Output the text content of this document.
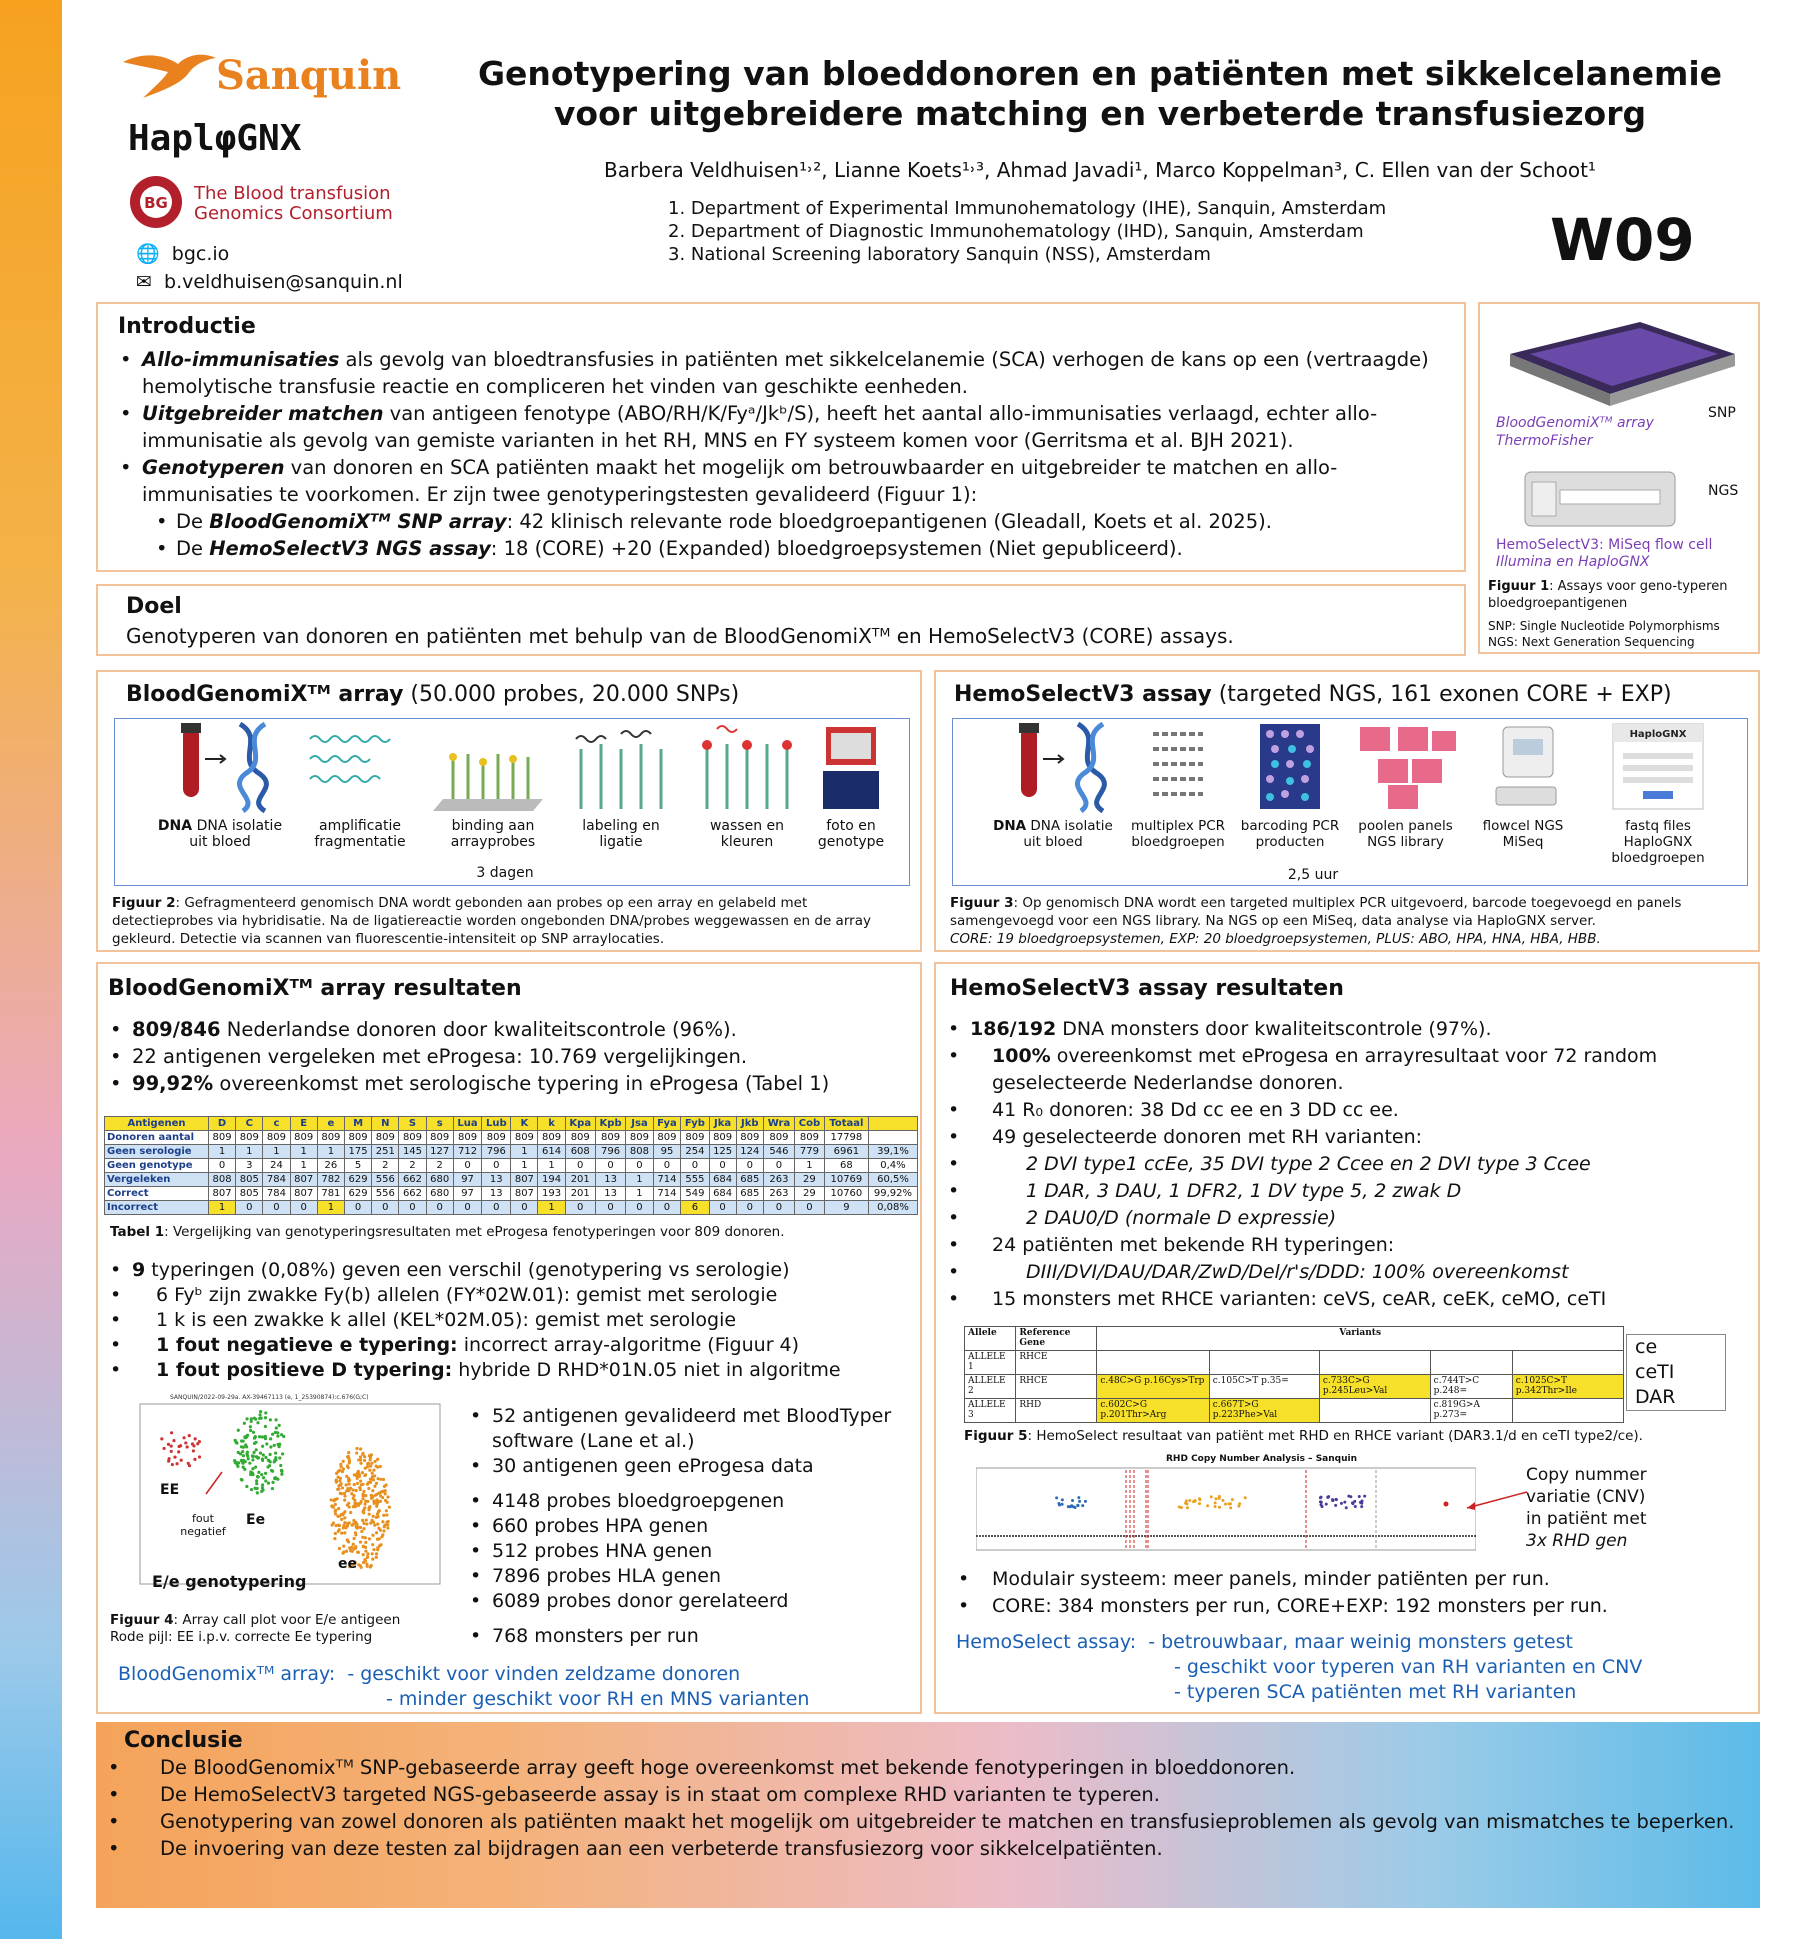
Sanquin
HaplφGNX
BG The Blood transfusion
Genomics Consortium
🌐 bgc.io
✉ b.veldhuisen@sanquin.nl
Genotypering van bloeddonoren en patiënten met sikkelcelanemie
voor uitgebreidere matching en verbeterde transfusiezorg
Barbera Veldhuisen¹˒², Lianne Koets¹˒³, Ahmad Javadi¹, Marco Koppelman³, C. Ellen van der Schoot¹
1. Department of Experimental Immunohematology (IHE), Sanquin, Amsterdam
2. Department of Diagnostic Immunohematology (IHD), Sanquin, Amsterdam
3. National Screening laboratory Sanquin (NSS), Amsterdam	W09
Introductie
• Allo-immunisaties als gevolg van bloedtransfusies in patiënten met sikkelcelanemie (SCA) verhogen de kans op een (vertraagde) hemolytische transfusie reactie en compliceren het vinden van geschikte eenheden.
• Uitgebreider matchen van antigeen fenotype (ABO/RH/K/Fyᵃ/Jkᵇ/S), heeft het aantal allo-immunisaties verlaagd, echter allo-immunisatie als gevolg van gemiste varianten in het RH, MNS en FY systeem komen voor (Gerritsma et al. BJH 2021).
• Genotyperen van donoren en SCA patiënten maakt het mogelijk om betrouwbaarder en uitgebreider te matchen en allo-immunisaties te voorkomen. Er zijn twee genotyperingstesten gevalideerd (Figuur 1):
• De BloodGenomiXᵀᴹ SNP array: 42 klinisch relevante rode bloedgroepantigenen (Gleadall, Koets et al. 2025).
• De HemoSelectV3 NGS assay: 18 (CORE) +20 (Expanded) bloedgroepsystemen (Niet gepubliceerd).
BloodGenomiXᵀᴹ array ThermoFisher
SNP
NGS
HemoSelectV3: MiSeq flow cell
Illumina en HaploGNX
Figuur 1: Assays voor geno-typeren bloedgroepantigenen
SNP: Single Nucleotide Polymorphisms
NGS: Next Generation Sequencing
Doel
Genotyperen van donoren en patiënten met behulp van de BloodGenomiXᵀᴹ en HemoSelectV3 (CORE) assays.
BloodGenomiXᵀᴹ array (50.000 probes, 20.000 SNPs)
DNA DNA isolatie uit bloed
amplificatie fragmentatie
binding aan arrayprobes
labeling en ligatie
wassen en kleuren
foto en genotype
3 dagen
Figuur 2: Gefragmenteerd genomisch DNA wordt gebonden aan probes op een array en gelabeld met detectieprobes via hybridisatie. Na de ligatiereactie worden ongebonden DNA/probes weggewassen en de array gekleurd. Detectie via scannen van fluorescentie-intensiteit op SNP arraylocaties.
HemoSelectV3 assay (targeted NGS, 161 exonen CORE + EXP)
DNA DNA isolatie uit bloed
multiplex PCR bloedgroepen
barcoding PCR producten
poolen panels NGS library
flowcel NGS MiSeq
HaploGNX
fastq files HaploGNX bloedgroepen
2,5 uur
Figuur 3: Op genomisch DNA wordt een targeted multiplex PCR uitgevoerd, barcode toegevoegd en panels samengevoegd voor een NGS library. Na NGS op een MiSeq, data analyse via HaploGNX server.
CORE: 19 bloedgroepsystemen, EXP: 20 bloedgroepsystemen, PLUS: ABO, HPA, HNA, HBA, HBB.
BloodGenomiXᵀᴹ array resultaten
• 809/846 Nederlandse donoren door kwaliteitscontrole (96%).
• 22 antigenen vergeleken met eProgesa: 10.769 vergelijkingen.
• 99,92% overeenkomst met serologische typering in eProgesa (Tabel 1)
Antigenen	D	C	c	E	e	M	N	S	s	Lua	Lub	K	k	Kpa	Kpb	Jsa	Fya	Fyb	Jka	Jkb	Wra	Cob	Totaal	
Donoren aantal	809	809	809	809	809	809	809	809	809	809	809	809	809	809	809	809	809	809	809	809	809	809	17798	
Geen serologie	1	1	1	1	1	175	251	145	127	712	796	1	614	608	796	808	95	254	125	124	546	779	6961	39,1%
Geen genotype	0	3	24	1	26	5	2	2	2	0	0	1	1	0	0	0	0	0	0	0	0	1	68	0,4%
Vergeleken	808	805	784	807	782	629	556	662	680	97	13	807	194	201	13	1	714	555	684	685	263	29	10769	60,5%
Correct	807	805	784	807	781	629	556	662	680	97	13	807	193	201	13	1	714	549	684	685	263	29	10760	99,92%
Incorrect	1	0	0	0	1	0	0	0	0	0	0	0	1	0	0	0	0	6	0	0	0	0	9	0,08%
Tabel 1: Vergelijking van genotyperingsresultaten met eProgesa fenotyperingen voor 809 donoren.
• 9 typeringen (0,08%) geven een verschil (genotypering vs serologie)
• 6 Fyᵇ zijn zwakke Fy(b) allelen (FY*02W.01): gemist met serologie
• 1 k is een zwakke k allel (KEL*02M.05): gemist met serologie
• 1 fout negatieve e typering: incorrect array-algoritme (Figuur 4)
• 1 fout positieve D typering: hybride D RHD*01N.05 niet in algoritme
SANQUIN/2022-09-29a. AX-39467113 (e, 1_25390874):c.676(G;C)
EE
Ee
ee
fout negatief
E/e genotypering
Figuur 4: Array call plot voor E/e antigeen
Rode pijl: EE i.p.v. correcte Ee typering
• 52 antigenen gevalideerd met BloodTyper software (Lane et al.)
• 30 antigenen geen eProgesa data
• 4148 probes bloedgroepgenen
• 660 probes HPA genen
• 512 probes HNA genen
• 7896 probes HLA genen
• 6089 probes donor gerelateerd
• 768 monsters per run
BloodGenomixᵀᴹ array: - geschikt voor vinden zeldzame donoren
- minder geschikt voor RH en MNS varianten
HemoSelectV3 assay resultaten
• 186/192 DNA monsters door kwaliteitscontrole (97%).
• 100% overeenkomst met eProgesa en arrayresultaat voor 72 random geselecteerde Nederlandse donoren.
• 41 R₀ donoren: 38 Dd cc ee en 3 DD cc ee.
• 49 geselecteerde donoren met RH varianten:
• 2 DVI type1 ccEe, 35 DVI type 2 Ccee en 2 DVI type 3 Ccee
• 1 DAR, 3 DAU, 1 DFR2, 1 DV type 5, 2 zwak D
• 2 DAU0/D (normale D expressie)
• 24 patiënten met bekende RH typeringen:
• DIII/DVI/DAU/DAR/ZwD/Del/r's/DDD: 100% overeenkomst
• 15 monsters met RHCE varianten: ceVS, ceAR, ceEK, ceMO, ceTI
Allele	Reference Gene	Variants				
ALLELE 1	RHCE					
ALLELE 2	RHCE	c.48C>G p.16Cys>Trp	c.105C>T p.35=	c.733C>G p.245Leu>Val	c.744T>C p.248=	c.1025C>T p.342Thr>Ile
ALLELE 3	RHD	c.602C>G p.201Thr>Arg	c.667T>G p.223Phe>Val		c.819G>A p.273=	
ce
ceTI
DAR
Figuur 5: HemoSelect resultaat van patiënt met RHD en RHCE variant (DAR3.1/d en ceTI type2/ce).
RHD Copy Number Analysis – Sanquin
Copy nummer
variatie (CNV)
in patiënt met
3x RHD gen
• Modulair systeem: meer panels, minder patiënten per run.
• CORE: 384 monsters per run, CORE+EXP: 192 monsters per run.
HemoSelect assay: - betrouwbaar, maar weinig monsters getest
- geschikt voor typeren van RH varianten en CNV
- typeren SCA patiënten met RH varianten
Conclusie
• De BloodGenomixᵀᴹ SNP-gebaseerde array geeft hoge overeenkomst met bekende fenotyperingen in bloeddonoren.
• De HemoSelectV3 targeted NGS-gebaseerde assay is in staat om complexe RHD varianten te typeren.
• Genotypering van zowel donoren als patiënten maakt het mogelijk om uitgebreider te matchen en transfusieproblemen als gevolg van mismatches te beperken.
• De invoering van deze testen zal bijdragen aan een verbeterde transfusiezorg voor sikkelcelpatiënten.
